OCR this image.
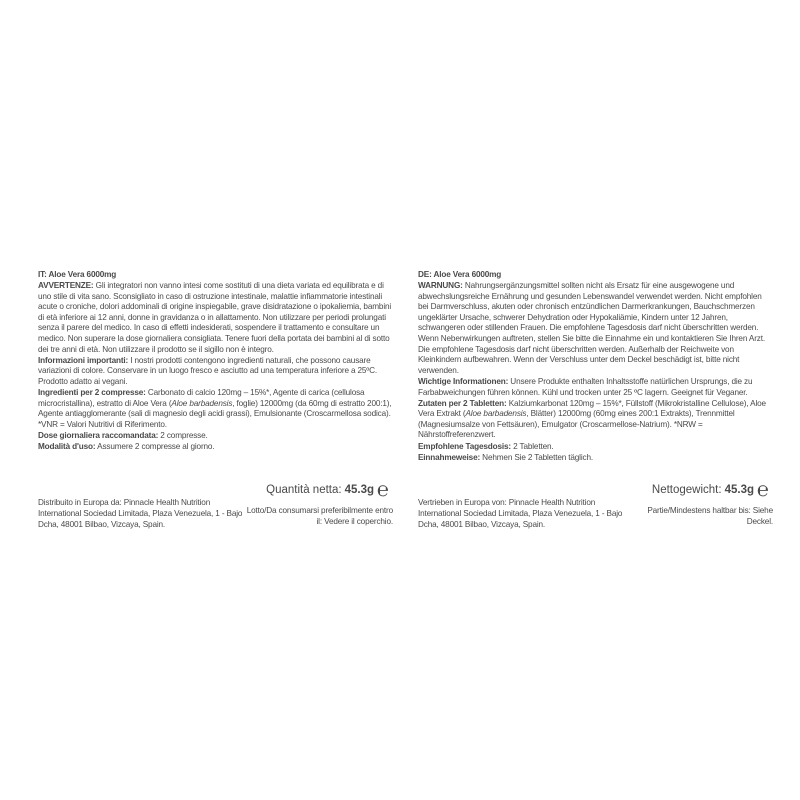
IT: Aloe Vera 6000mg

AVVERTENZE: Gli integratori non vanno intesi come sostituti di una dieta variata ed equilibrata e di uno stile di vita sano. Sconsigliato in caso di ostruzione intestinale, malattie infiammatorie intestinali acute o croniche, dolori addominali di origine inspiegabile, grave disidratazione o ipokaliemia, bambini di età inferiore ai 12 anni, donne in gravidanza o in allattamento. Non utilizzare per periodi prolungati senza il parere del medico. In caso di effetti indesiderati, sospendere il trattamento e consultare un medico. Non superare la dose giornaliera consigliata. Tenere fuori della portata dei bambini al di sotto dei tre anni di età. Non utilizzare il prodotto se il sigillo non è integro.

Informazioni importanti: I nostri prodotti contengono ingredienti naturali, che possono causare variazioni di colore. Conservare in un luogo fresco e asciutto ad una temperatura inferiore a 25ºC. Prodotto adatto ai vegani.

Ingredienti per 2 compresse: Carbonato di calcio 120mg – 15%*, Agente di carica (cellulosa microcristallina), estratto di Aloe Vera (Aloe barbadensis, foglie) 12000mg (da 60mg di estratto 200:1), Agente antiagglomerante (sali di magnesio degli acidi grassi), Emulsionante (Croscarmellosa sodica). *VNR = Valori Nutritivi di Riferimento.

Dose giornaliera raccomandata: 2 compresse.

Modalità d'uso: Assumere 2 compresse al giorno.

DE: Aloe Vera 6000mg

WARNUNG: Nahrungsergänzungsmittel sollten nicht als Ersatz für eine ausgewogene und abwechslungsreiche Ernährung und gesunden Lebenswandel verwendet werden. Nicht empfohlen bei Darmverschluss, akuten oder chronisch entzündlichen Darmerkrankungen, Bauchschmerzen ungeklärter Ursache, schwerer Dehydration oder Hypokaliämie, Kindern unter 12 Jahren, schwangeren oder stillenden Frauen. Die empfohlene Tagesdosis darf nicht überschritten werden. Wenn Nebenwirkungen auftreten, stellen Sie bitte die Einnahme ein und kontaktieren Sie Ihren Arzt. Die empfohlene Tagesdosis darf nicht überschritten werden. Außerhalb der Reichweite von Kleinkindern aufbewahren. Wenn der Verschluss unter dem Deckel beschädigt ist, bitte nicht verwenden.

Wichtige Informationen: Unsere Produkte enthalten Inhaltsstoffe natürlichen Ursprungs, die zu Farbabweichungen führen können. Kühl und trocken unter 25 ºC lagern. Geeignet für Veganer.

Zutaten per 2 Tabletten: Kalziumkarbonat 120mg – 15%*, Füllstoff (Mikrokristalline Cellulose), Aloe Vera Extrakt (Aloe barbadensis, Blätter) 12000mg (60mg eines 200:1 Extrakts), Trennmittel (Magnesiumsalze von Fettsäuren), Emulgator (Croscarmellose-Natrium). *NRW = Nährstoffreferenzwert.

Empfohlene Tagesdosis: 2 Tabletten.

Einnahmeweise: Nehmen Sie 2 Tabletten täglich.

Distribuito in Europa da: Pinnacle Health Nutrition International Sociedad Limitada, Plaza Venezuela, 1 - Bajo Dcha, 48001 Bilbao, Vizcaya, Spain.
Quantità netta: 45.3g ℮
Lotto/Da consumarsi preferibilmente entro il: Vedere il coperchio.
Vertrieben in Europa von: Pinnacle Health Nutrition International Sociedad Limitada, Plaza Venezuela, 1 - Bajo Dcha, 48001 Bilbao, Vizcaya, Spain.
Nettogewicht: 45.3g ℮
Partie/Mindestens haltbar bis: Siehe Deckel.
